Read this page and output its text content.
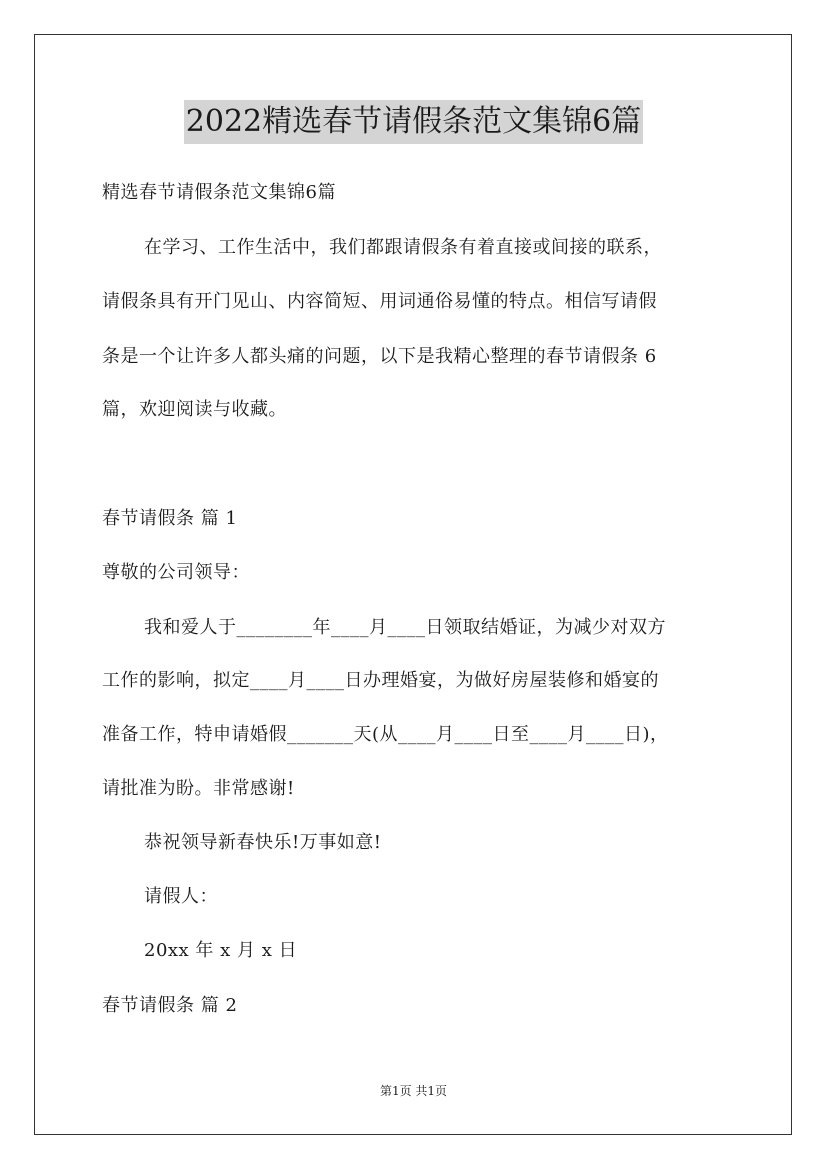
2022精选春节请假条范文集锦6篇
精选春节请假条范文集锦6篇
在学习、工作生活中，我们都跟请假条有着直接或间接的联系，
请假条具有开门见山、内容简短、用词通俗易懂的特点。相信写请假
条是一个让许多人都头痛的问题，以下是我精心整理的春节请假条 6
篇，欢迎阅读与收藏。
春节请假条 篇 1
尊敬的公司领导：
我和爱人于________年____月____日领取结婚证，为减少对双方
工作的影响，拟定____月____日办理婚宴，为做好房屋装修和婚宴的
准备工作，特申请婚假_______天(从____月____日至____月____日)，
请批准为盼。非常感谢!
恭祝领导新春快乐!万事如意!
请假人：
20xx 年 x 月 x 日
春节请假条 篇 2
第1页 共1页
